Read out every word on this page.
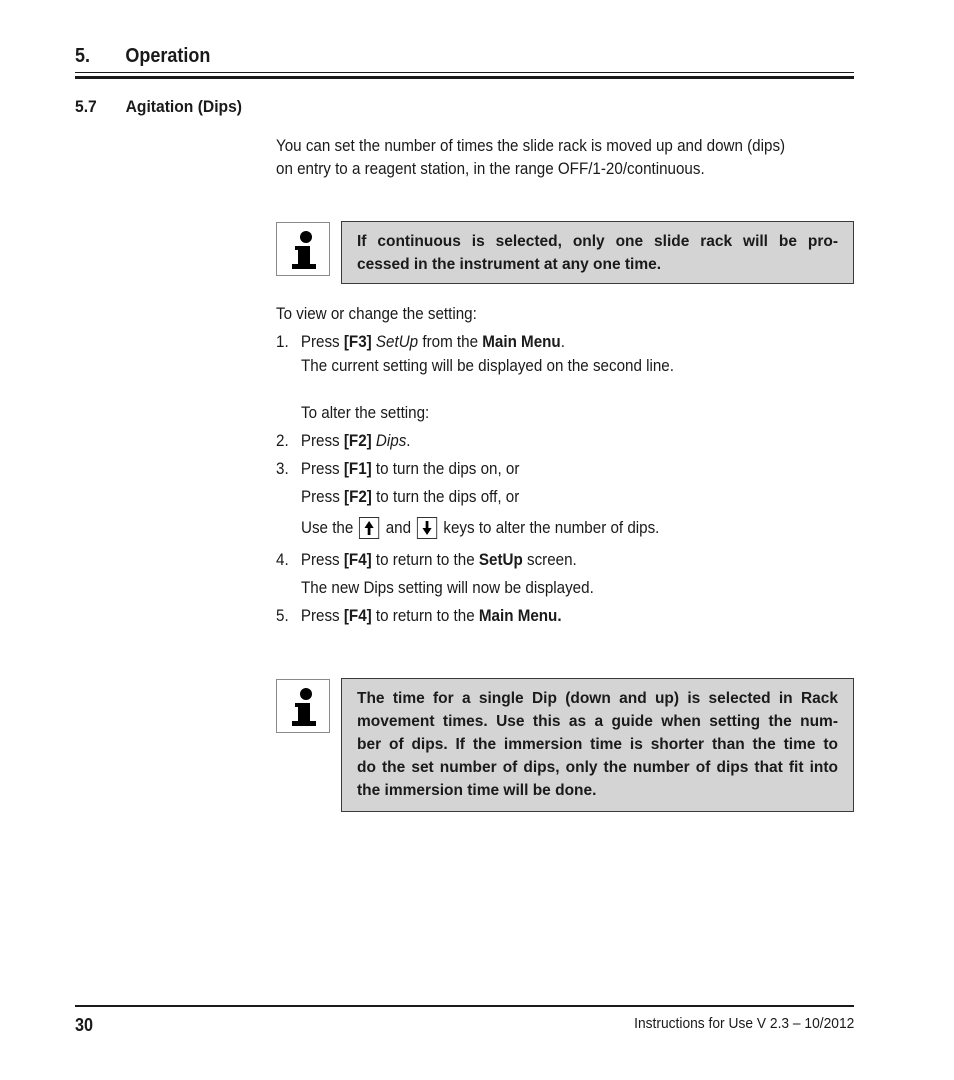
5.	Operation
5.7 Agitation (Dips)
You can set the number of times the slide rack is moved up and down (dips)
on entry to a reagent station, in the range OFF/1-20/continuous.
If continuous is selected, only one slide rack will be pro-
cessed in the instrument at any one time.
To view or change the setting:
1. Press [F3] SetUp from the Main Menu.
The current setting will be displayed on the second line.
To alter the setting:
2. Press [F2] Dips.
3. Press [F1] to turn the dips on, or
Press [F2] to turn the dips off, or
Use the and keys to alter the number of dips.
4. Press [F4] to return to the SetUp screen.
The new Dips setting will now be displayed.
5. Press [F4] to return to the Main Menu.
The time for a single Dip (down and up) is selected in Rack
movement times. Use this as a guide when setting the num-
ber of dips. If the immersion time is shorter than the time to
do the set number of dips, only the number of dips that fit into
the immersion time will be done.
30	Instructions for Use V 2.3 – 10/2012
